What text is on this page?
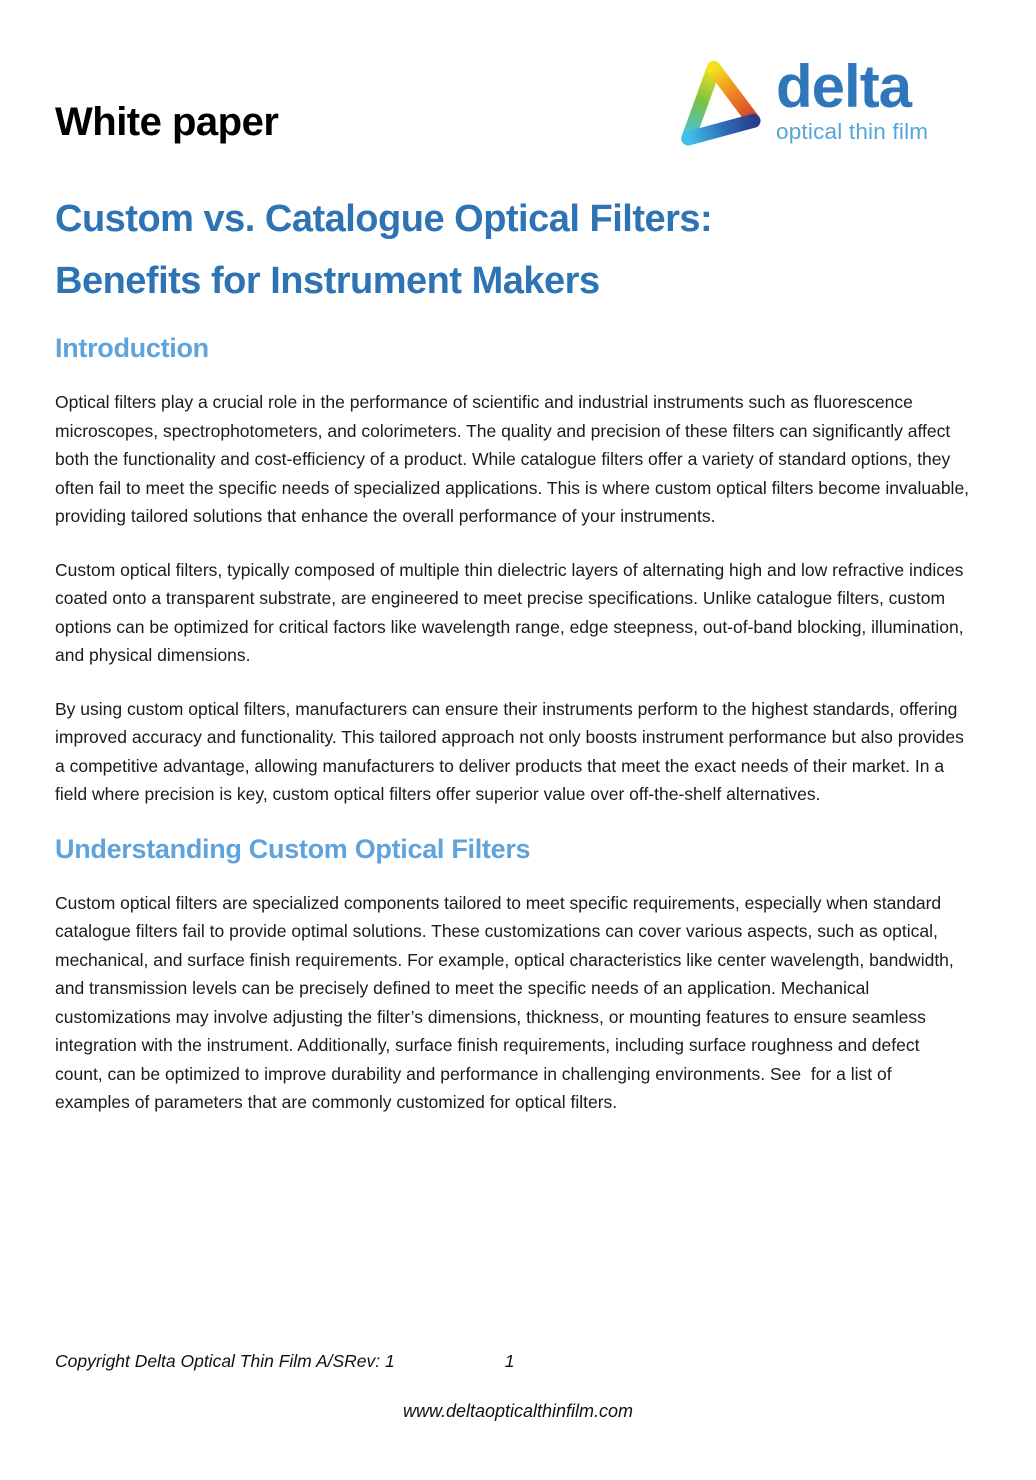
White paper
delta
optical thin film
Custom vs. Catalogue Optical Filters:
Benefits for Instrument Makers
Introduction

Optical filters play a crucial role in the performance of scientific and industrial instruments such as fluorescence microscopes, spectrophotometers, and colorimeters. The quality and precision of these filters can significantly affect both the functionality and cost-efficiency of a product. While catalogue filters offer a variety of standard options, they often fail to meet the specific needs of specialized applications. This is where custom optical filters become invaluable, providing tailored solutions that enhance the overall performance of your instruments.

Custom optical filters, typically composed of multiple thin dielectric layers of alternating high and low refractive indices coated onto a transparent substrate, are engineered to meet precise specifications. Unlike catalogue filters, custom options can be optimized for critical factors like wavelength range, edge steepness, out-of-band blocking, illumination, and physical dimensions.

By using custom optical filters, manufacturers can ensure their instruments perform to the highest standards, offering improved accuracy and functionality. This tailored approach not only boosts instrument performance but also provides a competitive advantage, allowing manufacturers to deliver products that meet the exact needs of their market. In a field where precision is key, custom optical filters offer superior value over off-the-shelf alternatives.

Understanding Custom Optical Filters

Custom optical filters are specialized components tailored to meet specific requirements, especially when standard catalogue filters fail to provide optimal solutions. These customizations can cover various aspects, such as optical, mechanical, and surface finish requirements. For example, optical characteristics like center wavelength, bandwidth, and transmission levels can be precisely defined to meet the specific needs of an application. Mechanical customizations may involve adjusting the filter’s dimensions, thickness, or mounting features to ensure seamless integration with the instrument. Additionally, surface finish requirements, including surface roughness and defect count, can be optimized to improve durability and performance in challenging environments. See  for a list of examples of parameters that are commonly customized for optical filters.

Copyright Delta Optical Thin Film A/SRev: 1	1
www.deltaopticalthinfilm.com
